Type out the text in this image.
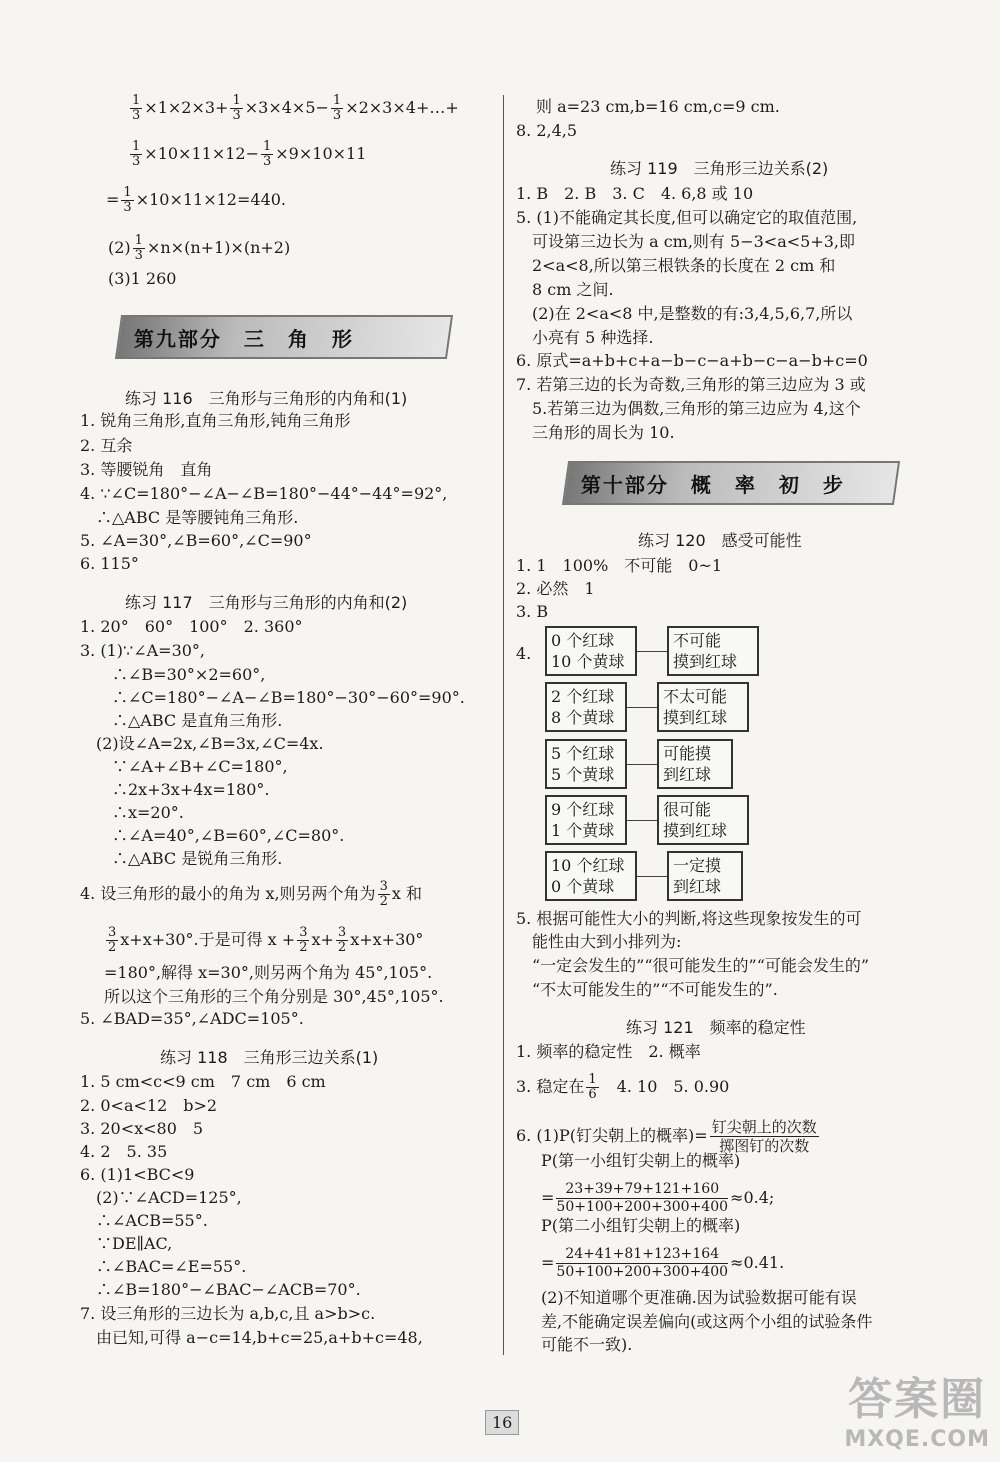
$\frac{1}{3} \times 1\times 2\times 3+ \frac{1}{3} \times 3\times 4\times 5- \frac{1}{3}$ ×2×3×4+…+
$\frac{1}{3} \times 10\times 11\times 12- \frac{1}{3} \times 9\times 10\times 11$
= $\frac{1}{3} \times 10\times 11\times 12=440$.
$(2) \frac{1}{3} \times n\times(n+1)\times(n+2)$
(3)1 260
第九部分　三　角　形
练习 116　三角形与三角形的内角和(1)
1. 锐角三角形,直角三角形,钝角三角形
2. 互余
3. 等腰锐角　直角
4. ∵∠C=180°−∠A−∠B=180°−44°−44°=92°,
　∴△ABC 是等腰钝角三角形.
5. ∠A=30°,∠B=60°,∠C=90°
6. 115°
练习 117　三角形与三角形的内角和(2)
1. 20°　60°　100°　2. 360°
3. (1)∵∠A=30°,
　　∴∠B=30°×2=60°,
　　∴∠C=180°−∠A−∠B=180°−30°−60°=90°.
　　∴△ABC 是直角三角形.
　(2)设∠A=2x,∠B=3x,∠C=4x.
　　∵∠A+∠B+∠C=180°,
　　∴2x+3x+4x=180°.
　　∴x=20°.
　　∴∠A=40°,∠B=60°,∠C=80°.
　　∴△ABC 是锐角三角形.
4. 设三角形的最小的角为 x,则另两个角为 $\frac{3}{2}$ x 和
$\frac{3}{2} x+x+30^\circ$.于是可得 $x + \frac{3}{2} x+ \frac{3}{2} x+x+30^\circ$
=180°,解得 x=30°,则另两个角为 45°,105°.
所以这个三角形的三个角分别是 30°,45°,105°.
5. ∠BAD=35°,∠ADC=105°.
练习 118　三角形三边关系(1)
1. 5 cm<c<9 cm　7 cm　6 cm
2. 0<a<12　b>2
3. 20<x<80　5
4. 2　5. 35
6. (1)1<BC<9
　(2)∵∠ACD=125°,
　∴∠ACB=55°.
　∵DE∥AC,
　∴∠BAC=∠E=55°.
　∴∠B=180°−∠BAC−∠ACB=70°.
7. 设三角形的三边长为 a,b,c,且 a>b>c.
　由已知,可得 a−c=14,b+c=25,a+b+c=48,
　则 a=23 cm,b=16 cm,c=9 cm.
8. 2,4,5
练习 119　三角形三边关系(2)
1. B　2. B　3. C　4. 6,8 或 10
5. (1)不能确定其长度,但可以确定它的取值范围,
　可设第三边长为 a cm,则有 5−3<a<5+3,即
　2<a<8,所以第三根铁条的长度在 2 cm 和
　8 cm 之间.
　(2)在 2<a<8 中,是整数的有:3,4,5,6,7,所以
　小亮有 5 种选择.
6. 原式=a+b+c+a−b−c−a+b−c−a−b+c=0
7. 若第三边的长为奇数,三角形的第三边应为 3 或
　5.若第三边为偶数,三角形的第三边应为 4,这个
　三角形的周长为 10.
第十部分　概　率　初　步
练习 120　感受可能性
1. 1　100%　不可能　0~1
2. 必然　1
3. B
4.
0 个红球
10 个黄球
不可能
摸到红球
2 个红球
8 个黄球
不太可能
摸到红球
5 个红球
5 个黄球
可能摸
到红球
9 个红球
1 个黄球
很可能
摸到红球
10 个红球
0 个黄球
一定摸
到红球
5. 根据可能性大小的判断,将这些现象按发生的可
　能性由大到小排列为:
　“一定会发生的”“很可能发生的”“可能会发生的”
　“不太可能发生的”“不可能发生的”.
练习 121　频率的稳定性
1. 频率的稳定性　2. 概率
3. 稳定在 $\frac{1}{6}$
　 4. 10　5. 0.90
6. (1)P(钉尖朝上的概率)= $\frac{\text{钉尖朝上的次数}}{\text{掷图钉的次数}}$
P(第一小组钉尖朝上的概率)
= $\frac{23+39+79+121+160}{50+100+200+300+400} \approx 0.4$;
P(第二小组钉尖朝上的概率)
= $\frac{24+41+81+123+164}{50+100+200+300+400} \approx 0.41$.
(2)不知道哪个更准确.因为试验数据可能有误
差,不能确定误差偏向(或这两个小组的试验条件
可能不一致).
16	答案圈
MXQE.COM
